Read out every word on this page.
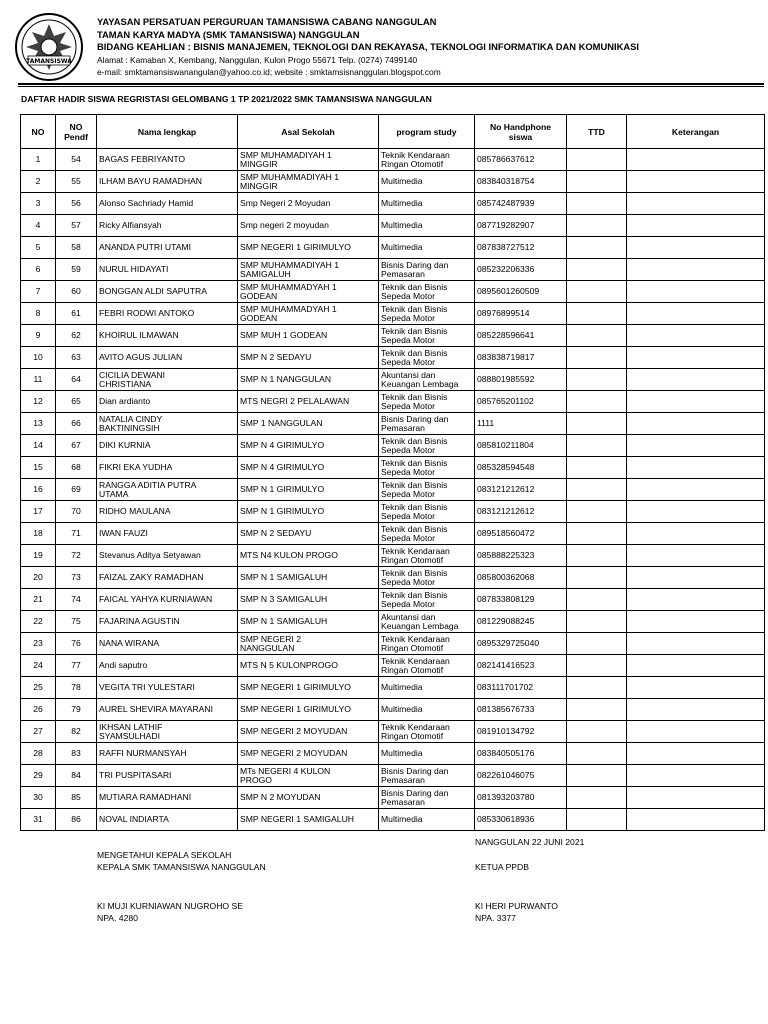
TAMANSISWA
YAYASAN PERSATUAN PERGURUAN TAMANSISWA CABANG NANGGULAN
TAMAN KARYA MADYA (SMK TAMANSISWA) NANGGULAN
BIDANG KEAHLIAN : BISNIS MANAJEMEN, TEKNOLOGI DAN REKAYASA, TEKNOLOGI INFORMATIKA DAN KOMUNIKASI
Alamat : Kamaban X, Kembang, Nanggulan, Kulon Progo 55671 Telp. (0274) 7499140
e-mail: smktamansiswanangulan@yahoo.co.id; website : smktamsisnanggulan.blogspot.com
DAFTAR HADIR SISWA REGRISTASI GELOMBANG 1 TP 2021/2022 SMK TAMANSISWA NANGGULAN
NO	NO
Pendf	Nama lengkap	Asal Sekolah	program study	No Handphone
siswa	TTD	Keterangan
1	54	BAGAS FEBRIYANTO	SMP MUHAMADIYAH 1
MINGGIR	Teknik Kendaraan
Ringan Otomotif	085786637612		
2	55	ILHAM BAYU RAMADHAN	SMP MUHAMMADIYAH 1
MINGGIR	Multimedia	083840318754		
3	56	Alonso Sachriady Hamid	Smp Negeri 2 Moyudan	Multimedia	085742487939		
4	57	Ricky Alfiansyah	Smp negeri 2 moyudan	Multimedia	087719282907		
5	58	ANANDA PUTRI UTAMI	SMP NEGERI 1 GIRIMULYO	Multimedia	087838727512		
6	59	NURUL HIDAYATI	SMP MUHAMMADIYAH 1
SAMIGALUH	Bisnis Daring dan
Pemasaran	085232206336		
7	60	BONGGAN ALDI SAPUTRA	SMP MUHAMMADYAH 1
GODEAN	Teknik dan Bisnis
Sepeda Motor	0895601260509		
8	61	FEBRI RODWI ANTOKO	SMP MUHAMMADYAH 1
GODEAN	Teknik dan Bisnis
Sepeda Motor	08976899514		
9	62	KHOIRUL ILMAWAN	SMP MUH 1 GODEAN	Teknik dan Bisnis
Sepeda Motor	085228596641		
10	63	AVITO AGUS JULIAN	SMP N 2 SEDAYU	Teknik dan Bisnis
Sepeda Motor	083838719817		
11	64	CICILIA DEWANI
CHRISTIANA	SMP N 1 NANGGULAN	Akuntansi dan
Keuangan Lembaga	088801985592		
12	65	Dian ardianto	MTS NEGRI 2 PELALAWAN	Teknik dan Bisnis
Sepeda Motor	085765201102		
13	66	NATALIA CINDY
BAKTININGSIH	SMP 1 NANGGULAN	Bisnis Daring dan
Pemasaran	1111		
14	67	DIKI KURNIA	SMP N 4 GIRIMULYO	Teknik dan Bisnis
Sepeda Motor	085810211804		
15	68	FIKRI EKA YUDHA	SMP N 4 GIRIMULYO	Teknik dan Bisnis
Sepeda Motor	085328594548		
16	69	RANGGA ADITIA PUTRA
UTAMA	SMP N 1 GIRIMULYO	Teknik dan Bisnis
Sepeda Motor	083121212612		
17	70	RIDHO MAULANA	SMP N 1 GIRIMULYO	Teknik dan Bisnis
Sepeda Motor	083121212612		
18	71	IWAN FAUZI	SMP N 2 SEDAYU	Teknik dan Bisnis
Sepeda Motor	089518560472		
19	72	Stevanus Aditya Setyawan	MTS N4 KULON PROGO	Teknik Kendaraan
Ringan Otomotif	085888225323		
20	73	FAIZAL ZAKY RAMADHAN	SMP N 1 SAMIGALUH	Teknik dan Bisnis
Sepeda Motor	085800362068		
21	74	FAICAL YAHYA KURNIAWAN	SMP N 3 SAMIGALUH	Teknik dan Bisnis
Sepeda Motor	087833808129		
22	75	FAJARINA AGUSTIN	SMP N 1 SAMIGALUH	Akuntansi dan
Keuangan Lembaga	081229088245		
23	76	NANA WIRANA	SMP NEGERI 2
NANGGULAN	Teknik Kendaraan
Ringan Otomotif	0895329725040		
24	77	Andi saputro	MTS N 5 KULONPROGO	Teknik Kendaraan
Ringan Otomotif	082141416523		
25	78	VEGITA TRI YULESTARI	SMP NEGERI 1 GIRIMULYO	Multimedia	083111701702		
26	79	AUREL SHEVIRA MAYARANI	SMP NEGERI 1 GIRIMULYO	Multimedia	081385676733		
27	82	IKHSAN LATHIF
SYAMSULHADI	SMP NEGERI 2 MOYUDAN	Teknik Kendaraan
Ringan Otomotif	081910134792		
28	83	RAFFI NURMANSYAH	SMP NEGERI 2 MOYUDAN	Multimedia	083840505176		
29	84	TRI PUSPITASARI	MTs NEGERI 4 KULON
PROGO	Bisnis Daring dan
Pemasaran	082261046075		
30	85	MUTIARA RAMADHANI	SMP N 2 MOYUDAN	Bisnis Daring dan
Pemasaran	081393203780		
31	86	NOVAL INDIARTA	SMP NEGERI 1 SAMIGALUH	Multimedia	085330618936		
NANGGULAN 22 JUNI 2021
MENGETAHUI KEPALA SEKOLAH
KEPALA SMK TAMANSISWA NANGGULAN	KETUA PPDB
KI MUJI KURNIAWAN NUGROHO SE
NPA. 4280
KI HERI PURWANTO
NPA. 3377
